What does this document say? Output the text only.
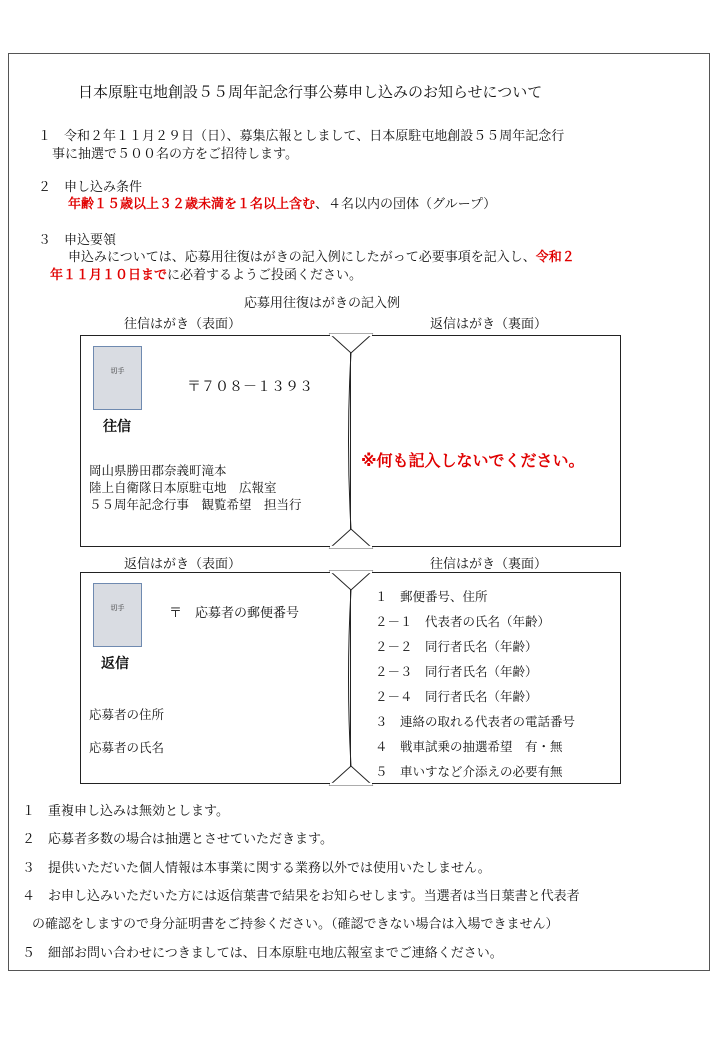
日本原駐屯地創設５５周年記念行事公募申し込みのお知らせについて
１　令和２年１１月２９日（日）、募集広報としまして、日本原駐屯地創設５５周年記念行
事に抽選で５００名の方をご招待します。
２　申し込み条件
年齢１５歳以上３２歳未満を１名以上含む、４名以内の団体（グループ）
３　申込要領
申込みについては、応募用往復はがきの記入例にしたがって必要事項を記入し、令和２
年１１月１０日までに必着するようご投函ください。
応募用往復はがきの記入例
往信はがき（表面）	返信はがき（裏面）
切手
〒７０８－１３９３
往信
岡山県勝田郡奈義町滝本
陸上自衛隊日本原駐屯地　広報室
５５周年記念行事　観覧希望　担当行
※何も記入しないでください。
返信はがき（表面）	往信はがき（裏面）
切手	〒　応募者の郵便番号
返信
応募者の住所
応募者の氏名
１　郵便番号、住所
２－１　代表者の氏名（年齢）
２－２　同行者氏名（年齢）
２－３　同行者氏名（年齢）
２－４　同行者氏名（年齢）
３　連絡の取れる代表者の電話番号
４　戦車試乗の抽選希望　有・無
５　車いすなど介添えの必要有無
１　重複申し込みは無効とします。
２　応募者多数の場合は抽選とさせていただきます。
３　提供いただいた個人情報は本事業に関する業務以外では使用いたしません。
４　お申し込みいただいた方には返信葉書で結果をお知らせします。当選者は当日葉書と代表者
の確認をしますので身分証明書をご持参ください。（確認できない場合は入場できません）
５　細部お問い合わせにつきましては、日本原駐屯地広報室までご連絡ください。
